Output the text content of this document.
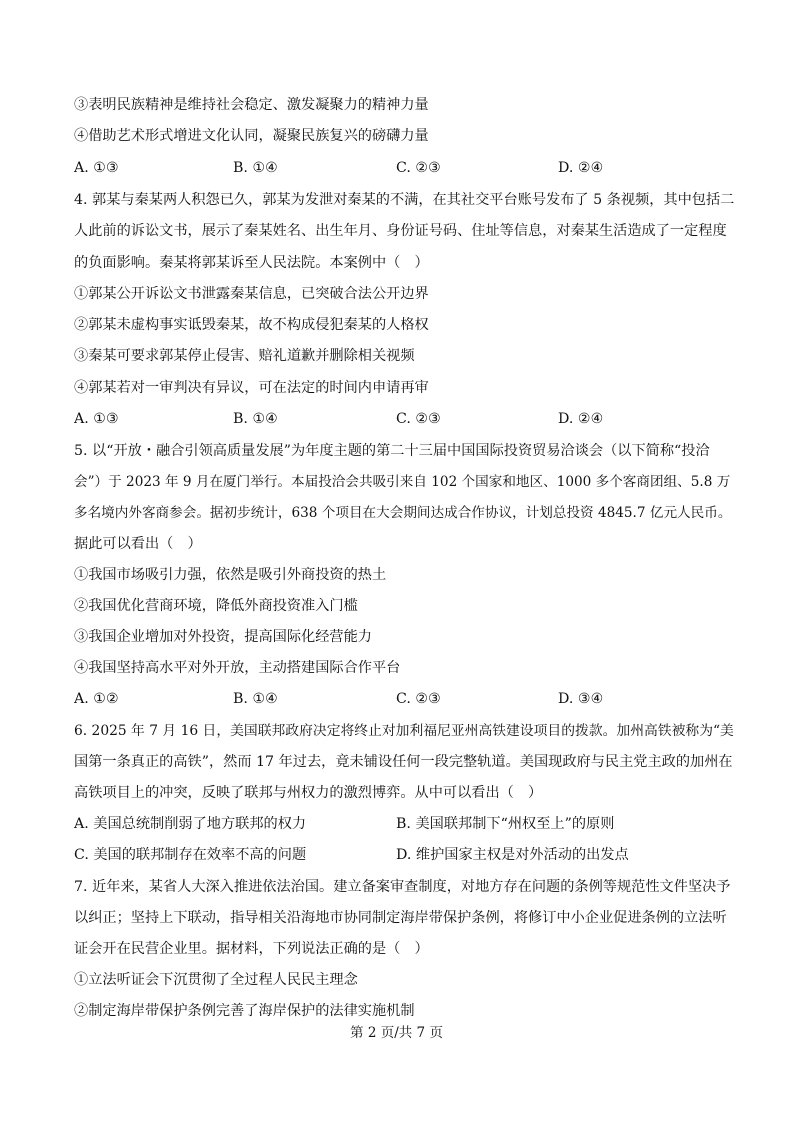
③表明民族精神是维持社会稳定、激发凝聚力的精神力量
④借助艺术形式增进文化认同，凝聚民族复兴的磅礴力量
A. ①③	B. ①④	C. ②③	D. ②④
4. 郭某与秦某两人积怨已久，郭某为发泄对秦某的不满，在其社交平台账号发布了 5 条视频，其中包括二
人此前的诉讼文书，展示了秦某姓名、出生年月、身份证号码、住址等信息，对秦某生活造成了一定程度
的负面影响。秦某将郭某诉至人民法院。本案例中（　）
①郭某公开诉讼文书泄露秦某信息，已突破合法公开边界
②郭某未虚构事实诋毁秦某，故不构成侵犯秦某的人格权
③秦某可要求郭某停止侵害、赔礼道歉并删除相关视频
④郭某若对一审判决有异议，可在法定的时间内申请再审
A. ①③	B. ①④	C. ②③	D. ②④
5. 以“开放・融合引领高质量发展”为年度主题的第二十三届中国国际投资贸易洽谈会（以下简称“投洽
会”）于 2023 年 9 月在厦门举行。本届投洽会共吸引来自 102 个国家和地区、1000 多个客商团组、5.8 万
多名境内外客商参会。据初步统计，638 个项目在大会期间达成合作协议，计划总投资 4845.7 亿元人民币。
据此可以看出（　）
①我国市场吸引力强，依然是吸引外商投资的热土
②我国优化营商环境，降低外商投资准入门槛
③我国企业增加对外投资，提高国际化经营能力
④我国坚持高水平对外开放，主动搭建国际合作平台
A. ①②	B. ①④	C. ②③	D. ③④
6. 2025 年 7 月 16 日，美国联邦政府决定将终止对加利福尼亚州高铁建设项目的拨款。加州高铁被称为“美
国第一条真正的高铁”，然而 17 年过去，竟未铺设任何一段完整轨道。美国现政府与民主党主政的加州在
高铁项目上的冲突，反映了联邦与州权力的激烈博弈。从中可以看出（　）
A. 美国总统制削弱了地方联邦的权力	B. 美国联邦制下“州权至上”的原则
C. 美国的联邦制存在效率不高的问题	D. 维护国家主权是对外活动的出发点
7. 近年来，某省人大深入推进依法治国。建立备案审查制度，对地方存在问题的条例等规范性文件坚决予
以纠正；坚持上下联动，指导相关沿海地市协同制定海岸带保护条例，将修订中小企业促进条例的立法听
证会开在民营企业里。据材料，下列说法正确的是（　）
①立法听证会下沉贯彻了全过程人民民主理念
②制定海岸带保护条例完善了海岸保护的法律实施机制
第 2 页/共 7 页
